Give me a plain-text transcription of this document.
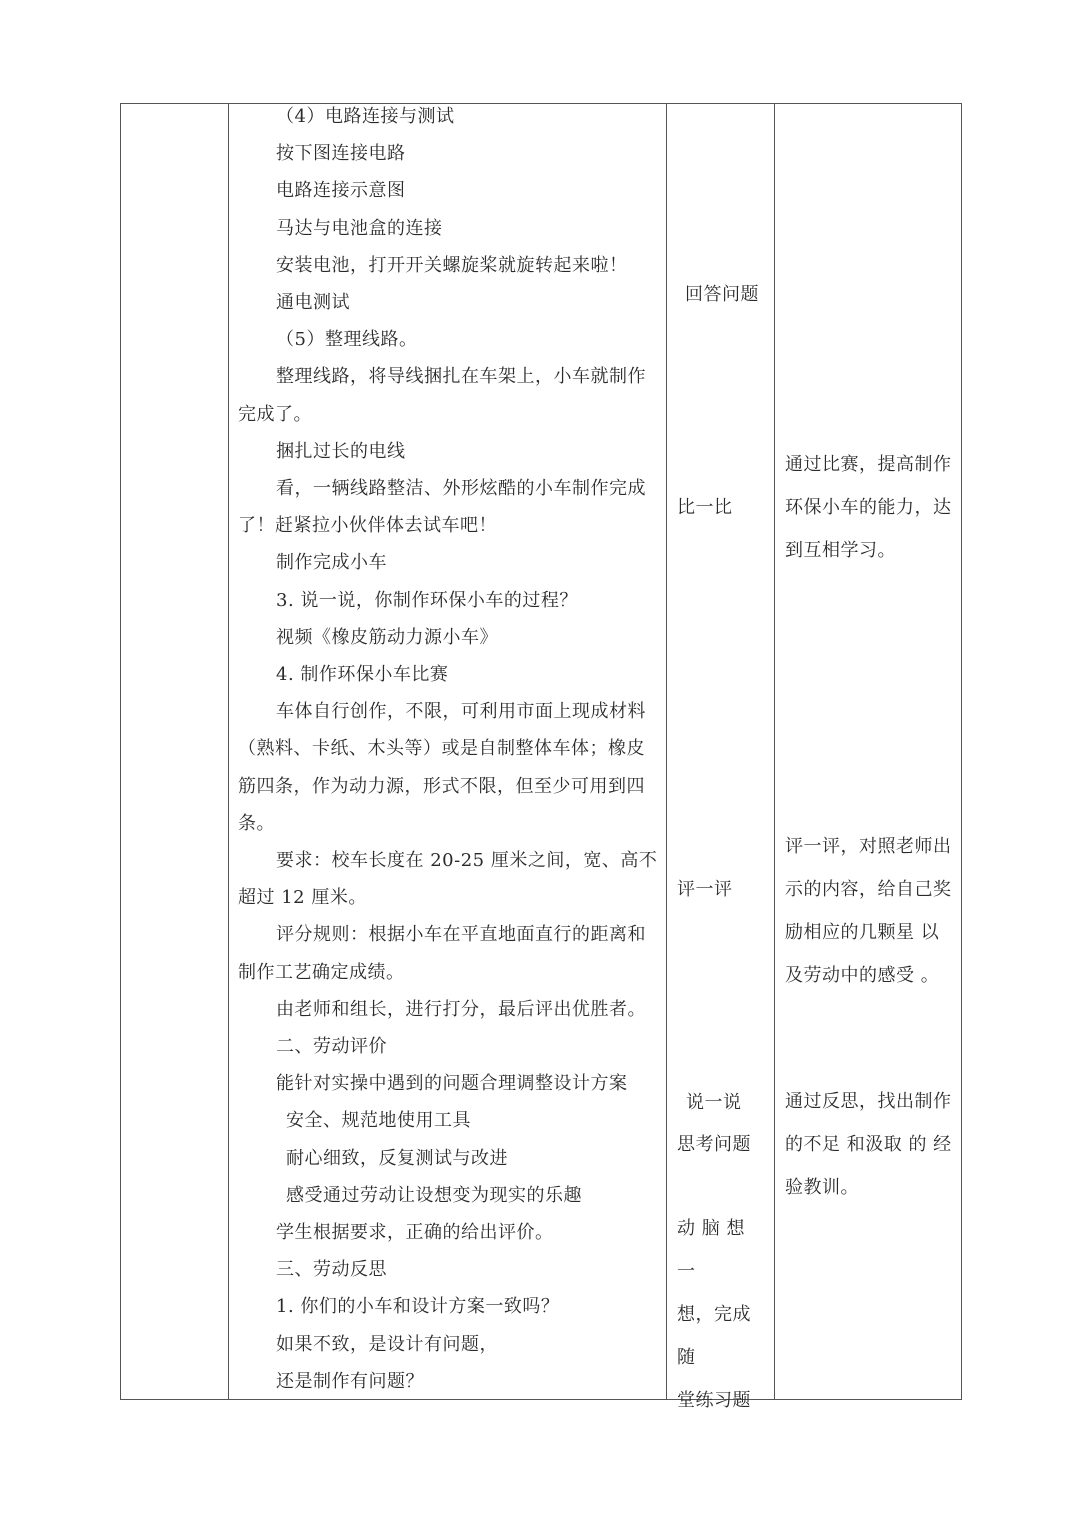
（4）电路连接与测试
按下图连接电路
电路连接示意图
马达与电池盒的连接
安装电池，打开开关螺旋桨就旋转起来啦！
通电测试
（5）整理线路。
整理线路，将导线捆扎在车架上，小车就制作
完成了。
捆扎过长的电线
看，一辆线路整洁、外形炫酷的小车制作完成
了！赶紧拉小伙伴体去试车吧！
制作完成小车
3. 说一说，你制作环保小车的过程？
视频《橡皮筋动力源小车》
4. 制作环保小车比赛
车体自行创作，不限，可利用市面上现成材料
（熟料、卡纸、木头等）或是自制整体车体；橡皮
筋四条，作为动力源，形式不限，但至少可用到四
条。
要求：校车长度在 20-25 厘米之间，宽、高不
超过 12 厘米。
评分规则：根据小车在平直地面直行的距离和
制作工艺确定成绩。
由老师和组长，进行打分，最后评出优胜者。
二、劳动评价
能针对实操中遇到的问题合理调整设计方案
安全、规范地使用工具
耐心细致，反复测试与改进
感受通过劳动让设想变为现实的乐趣
学生根据要求，正确的给出评价。
三、劳动反思
1. 你们的小车和设计方案一致吗？
如果不致，是设计有问题，
还是制作有问题？
回答问题
比一比
评一评
说一说
思考问题
动 脑 想 一
想，完成随
堂练习题
通过比赛，提高制作
环保小车的能力，达
到互相学习。
评一评，对照老师出
示的内容，给自己奖
励相应的几颗星 以
及劳动中的感受 。
通过反思，找出制作
的不足 和汲取 的 经
验教训。
